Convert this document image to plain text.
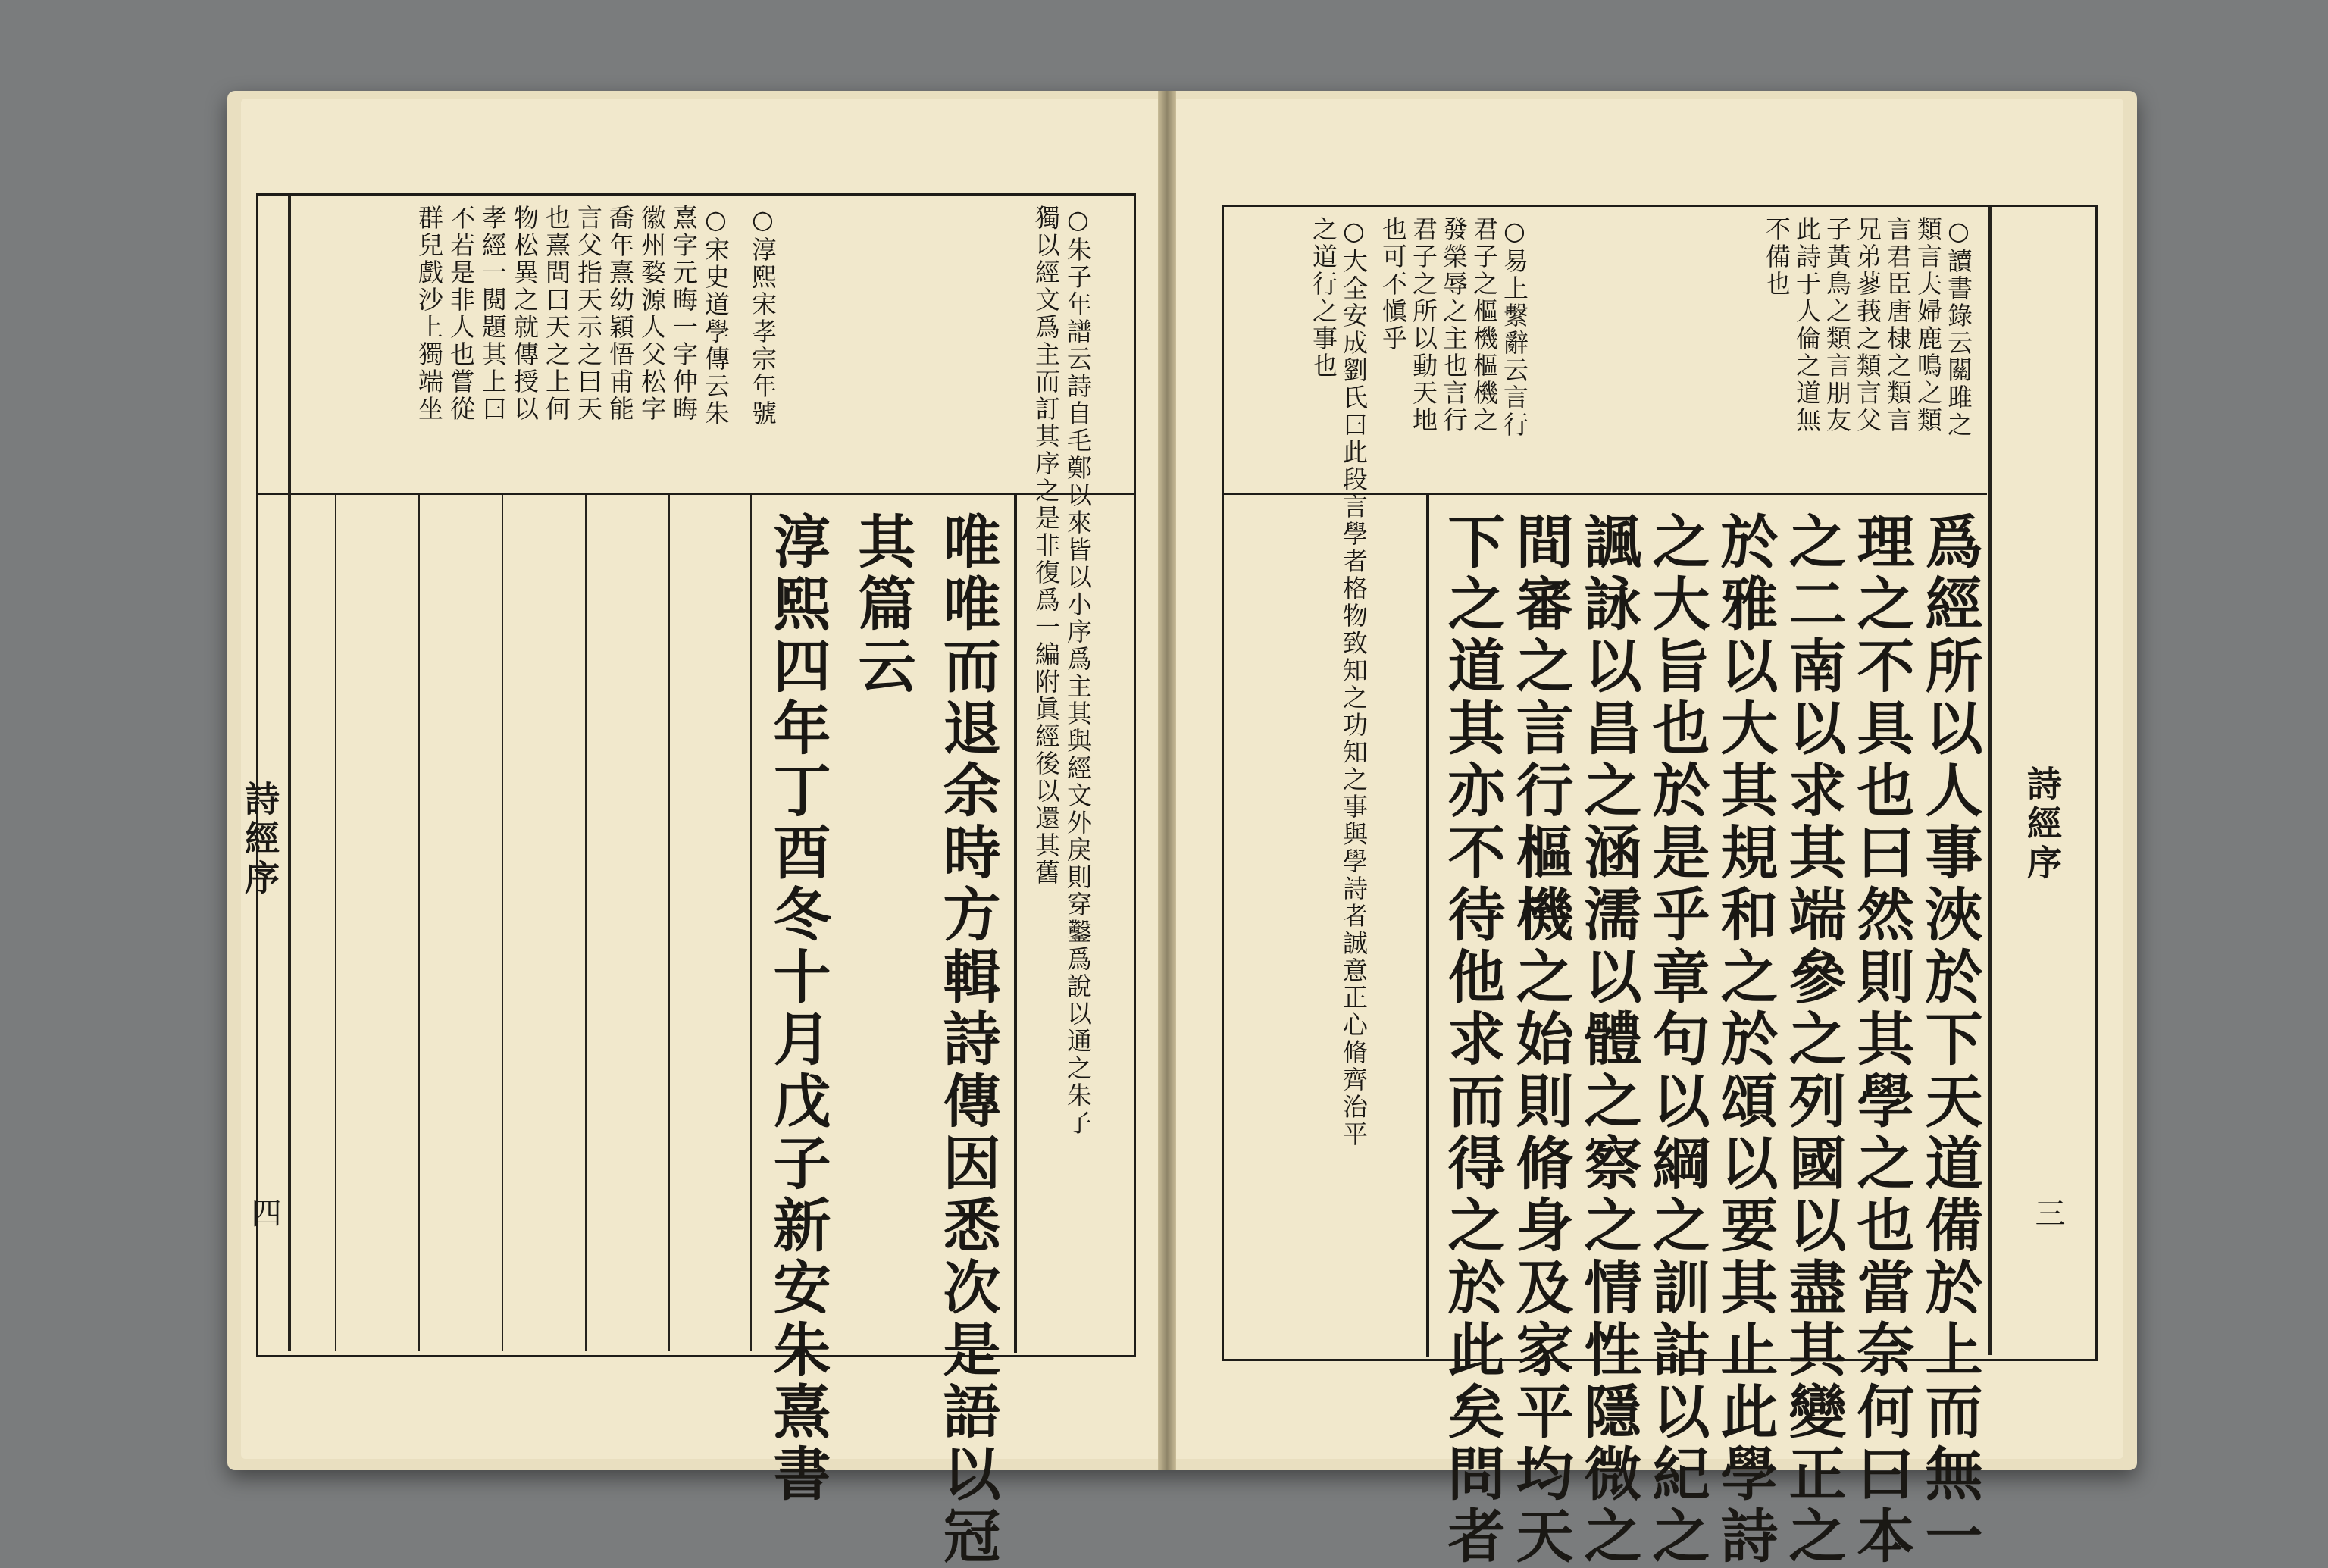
○朱子年譜云詩自毛鄭以來皆以小序爲主其與經文外戾則穿鑿爲說以通之朱子
獨以經文爲主而訂其序之是非復爲一編附眞經後以還其舊
○淳熙宋孝宗年號
○宋史道學傳云朱
熹字元晦一字仲晦
徽州婺源人父松字
喬年熹幼穎悟甫能
言父指天示之曰天
也熹問曰天之上何
物松異之就傳授以
孝經一閱題其上曰
不若是非人也嘗從
群兒戲沙上獨端坐
唯唯而退余時方輯詩傳因悉次是語以冠
其篇云
淳熙四年丁酉冬十月戊子新安朱熹書
詩經序
四
○讀書錄云關雎之
類言夫婦鹿鳴之類
言君臣唐棣之類言
兄弟蓼莪之類言父
子黃鳥之類言朋友
此詩于人倫之道無
不備也
○易上繫辭云言行
君子之樞機樞機之
發榮辱之主也言行
君子之所以動天地
也可不愼乎
○大全安成劉氏曰此段言學者格物致知之功知之事與學詩者誠意正心脩齊治平
之道行之事也
爲經所以人事浹於下天道備於上而無一
理之不具也曰然則其學之也當奈何曰本
之二南以求其端參之列國以盡其變正之
於雅以大其規和之於頌以要其止此學詩
之大旨也於是乎章句以綱之訓詁以紀之
諷詠以昌之涵濡以體之察之情性隱微之
間審之言行樞機之始則脩身及家平均天
下之道其亦不待他求而得之於此矣問者	詩經序
三
